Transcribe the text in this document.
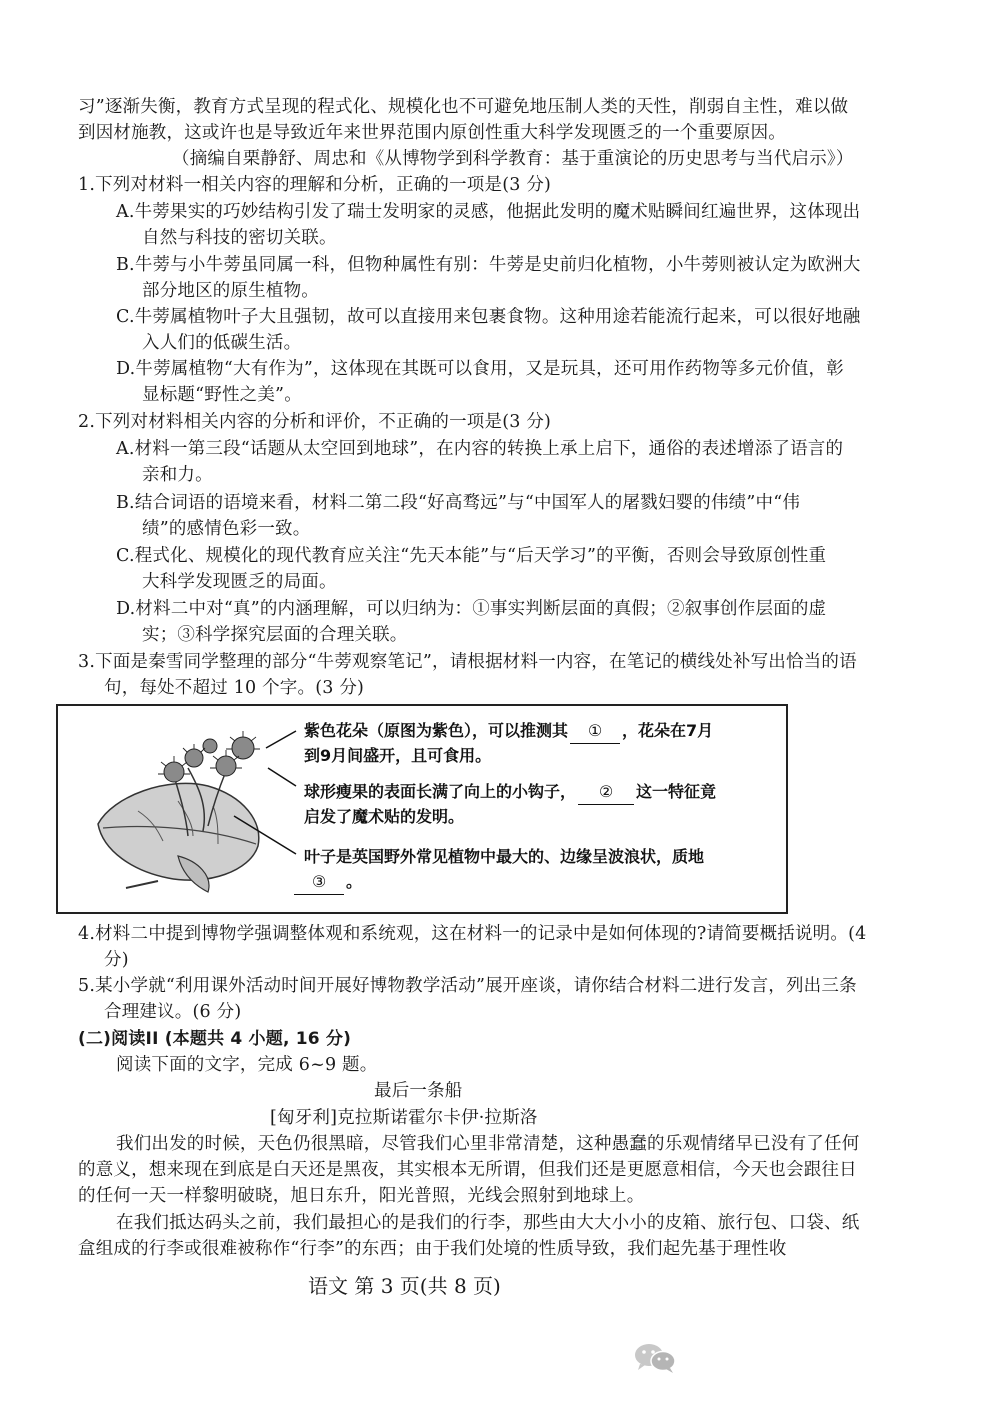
习”逐渐失衡，教育方式呈现的程式化、规模化也不可避免地压制人类的天性，削弱自主性，难以做
到因材施教，这或许也是导致近年来世界范围内原创性重大科学发现匮乏的一个重要原因。
（摘编自栗静舒、周忠和《从博物学到科学教育：基于重演论的历史思考与当代启示》）
1.下列对材料一相关内容的理解和分析，正确的一项是(3 分)
A.牛蒡果实的巧妙结构引发了瑞士发明家的灵感，他据此发明的魔术贴瞬间红遍世界，这体现出
自然与科技的密切关联。
B.牛蒡与小牛蒡虽同属一科，但物种属性有别：牛蒡是史前归化植物，小牛蒡则被认定为欧洲大
部分地区的原生植物。
C.牛蒡属植物叶子大且强韧，故可以直接用来包裹食物。这种用途若能流行起来，可以很好地融
入人们的低碳生活。
D.牛蒡属植物“大有作为”，这体现在其既可以食用，又是玩具，还可用作药物等多元价值，彰
显标题“野性之美”。
2.下列对材料相关内容的分析和评价，不正确的一项是(3 分)
A.材料一第三段“话题从太空回到地球”，在内容的转换上承上启下，通俗的表述增添了语言的
亲和力。
B.结合词语的语境来看，材料二第二段“好高骛远”与“中国军人的屠戮妇婴的伟绩”中“伟
绩”的感情色彩一致。
C.程式化、规模化的现代教育应关注“先天本能”与“后天学习”的平衡，否则会导致原创性重
大科学发现匮乏的局面。
D.材料二中对“真”的内涵理解，可以归纳为：①事实判断层面的真假；②叙事创作层面的虚
实；③科学探究层面的合理关联。
3.下面是秦雪同学整理的部分“牛蒡观察笔记”，请根据材料一内容，在笔记的横线处补写出恰当的语
句，每处不超过 10 个字。(3 分)
紫色花朵（原图为紫色），可以推测其 ① ，花朵在7月
到9月间盛开，且可食用。
球形瘦果的表面长满了向上的小钩子， ② 这一特征竟
启发了魔术贴的发明。
叶子是英国野外常见植物中最大的、边缘呈波浪状，质地
③ 。
4.材料二中提到博物学强调整体观和系统观，这在材料一的记录中是如何体现的?请简要概括说明。(4
分)
5.某小学就“利用课外活动时间开展好博物教学活动”展开座谈，请你结合材料二进行发言，列出三条
合理建议。(6 分)
(二)阅读II (本题共 4 小题, 16 分)
阅读下面的文字，完成 6~9 题。
最后一条船
[匈牙利]克拉斯诺霍尔卡伊·拉斯洛
我们出发的时候，天色仍很黑暗，尽管我们心里非常清楚，这种愚蠢的乐观情绪早已没有了任何
的意义，想来现在到底是白天还是黑夜，其实根本无所谓，但我们还是更愿意相信，今天也会跟往日
的任何一天一样黎明破晓，旭日东升，阳光普照，光线会照射到地球上。
在我们抵达码头之前，我们最担心的是我们的行李，那些由大大小小的皮箱、旅行包、口袋、纸
盒组成的行李或很难被称作“行李”的东西；由于我们处境的性质导致，我们起先基于理性收
语文 第 3 页(共 8 页)
